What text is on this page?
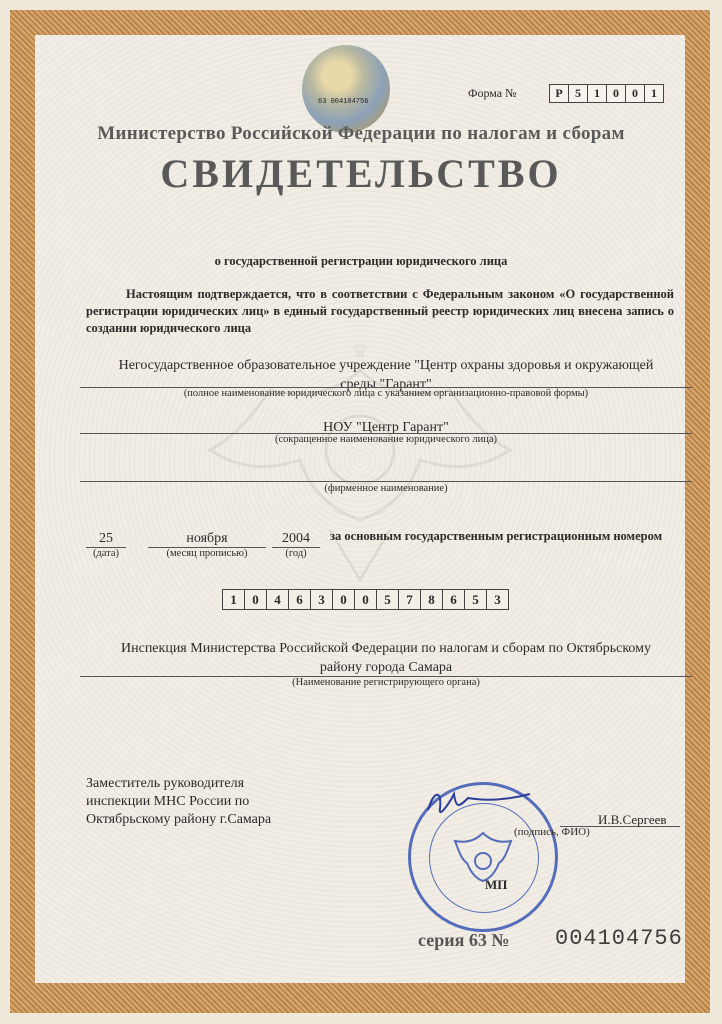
♛
63 004104756
Форма №	Р	5	1	0	0	1
Министерство Российской Федерации по налогам и сборам
СВИДЕТЕЛЬСТВО
о государственной регистрации юридического лица
Настоящим подтверждается, что в соответствии с Федеральным законом «О государственной регистрации юридических лиц» в единый государственный реестр юридических лиц внесена запись о создании юридического лица
Негосударственное образовательное учреждение "Центр охраны здоровья и окружающей
среды "Гарант"
(полное наименование юридического лица с указанием организационно-правовой формы)
НОУ "Центр Гарант"
(сокращенное наименование юридического лица)
(фирменное наименование)
25
(дата)
ноября
(месяц прописью)
2004
(год)
за основным государственным регистрационным номером
1	0	4	6	3	0	0	5	7	8	6	5	3
Инспекция Министерства Российской Федерации по налогам и сборам по Октябрьскому
району города Самара
(Наименование регистрирующего органа)
Заместитель руководителя
инспекции МНС России по
Октябрьскому району г.Самара
МП
И.В.Сергеев
(подпись, ФИО)
серия 63 № 004104756
